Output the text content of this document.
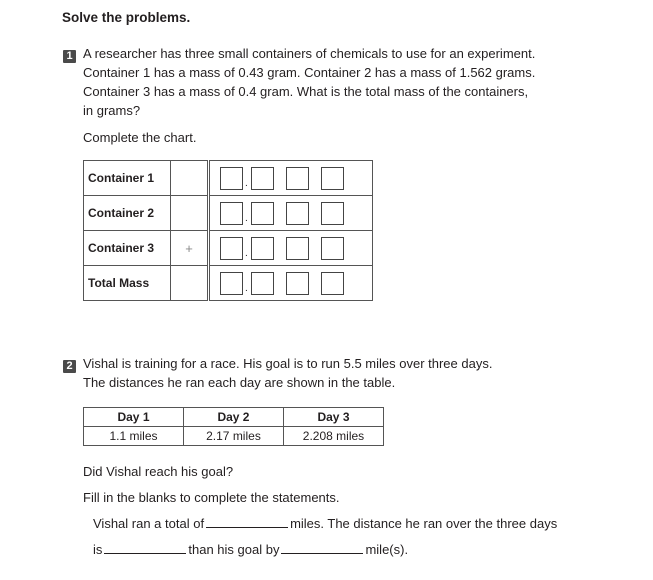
Solve the problems.
1 A researcher has three small containers of chemicals to use for an experiment.
Container 1 has a mass of 0.43 gram. Container 2 has a mass of 1.562 grams.
Container 3 has a mass of 0.4 gram. What is the total mass of the containers,
in grams?
Complete the chart.
Container 1		.

Container 2		.

Container 3	+	.

Total Mass		.
2 Vishal is training for a race. His goal is to run 5.5 miles over three days.
The distances he ran each day are shown in the table.
Day 1	Day 2	Day 3
1.1 miles	2.17 miles	2.208 miles
Did Vishal reach his goal?
Fill in the blanks to complete the statements.
Vishal ran a total of	miles. The distance he ran over the three days
is	than his goal by	mile(s).
